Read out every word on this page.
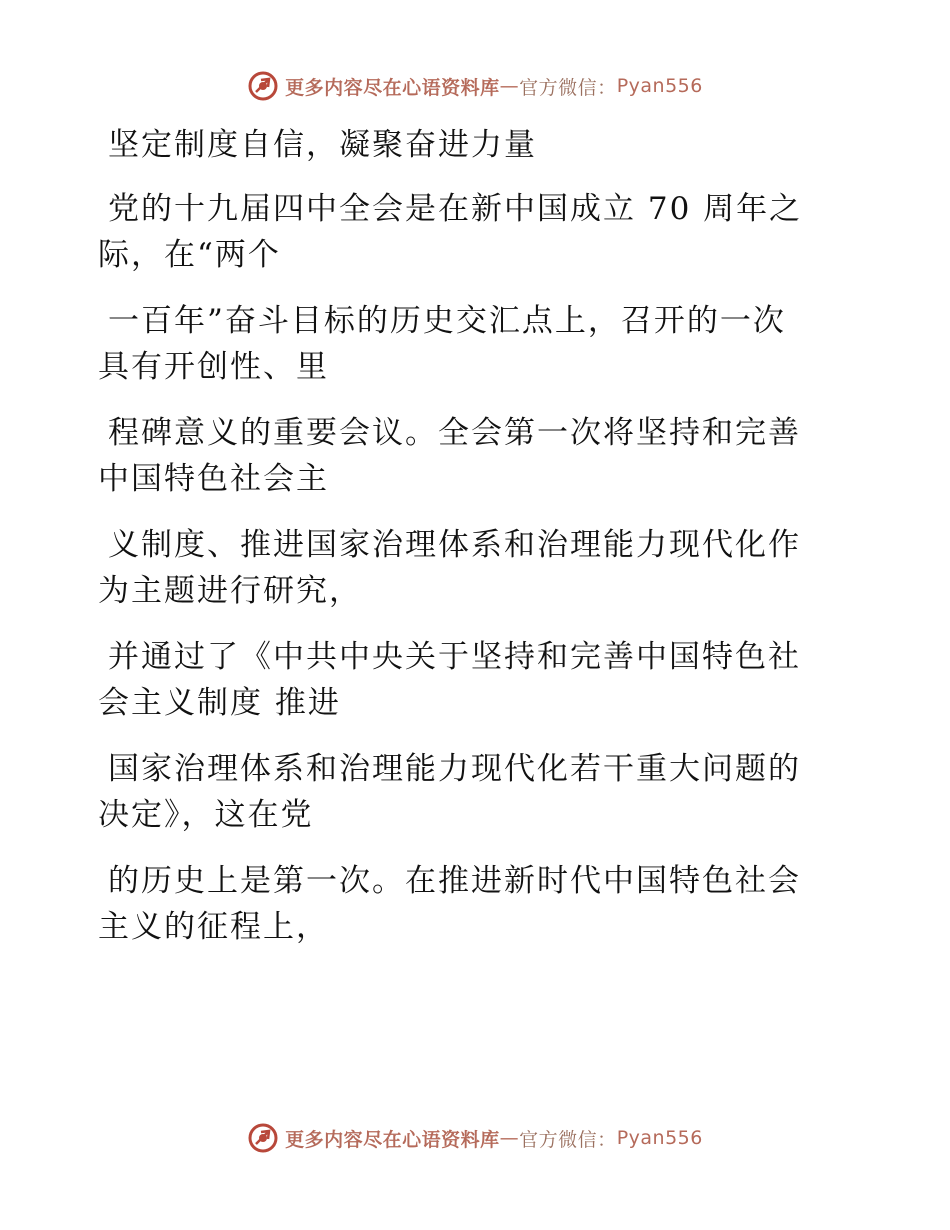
更多内容尽在心语资料库 — 官方微信： Pyan556
坚定制度自信，凝聚奋进力量
党的十九届四中全会是在新中国成立 70 周年之
际，在“两个
一百年”奋斗目标的历史交汇点上，召开的一次
具有开创性、里
程碑意义的重要会议。全会第一次将坚持和完善
中国特色社会主
义制度、推进国家治理体系和治理能力现代化作
为主题进行研究，
并通过了《中共中央关于坚持和完善中国特色社
会主义制度 推进
国家治理体系和治理能力现代化若干重大问题的
决定》，这在党
的历史上是第一次。在推进新时代中国特色社会
主义的征程上，
更多内容尽在心语资料库 — 官方微信： Pyan556
